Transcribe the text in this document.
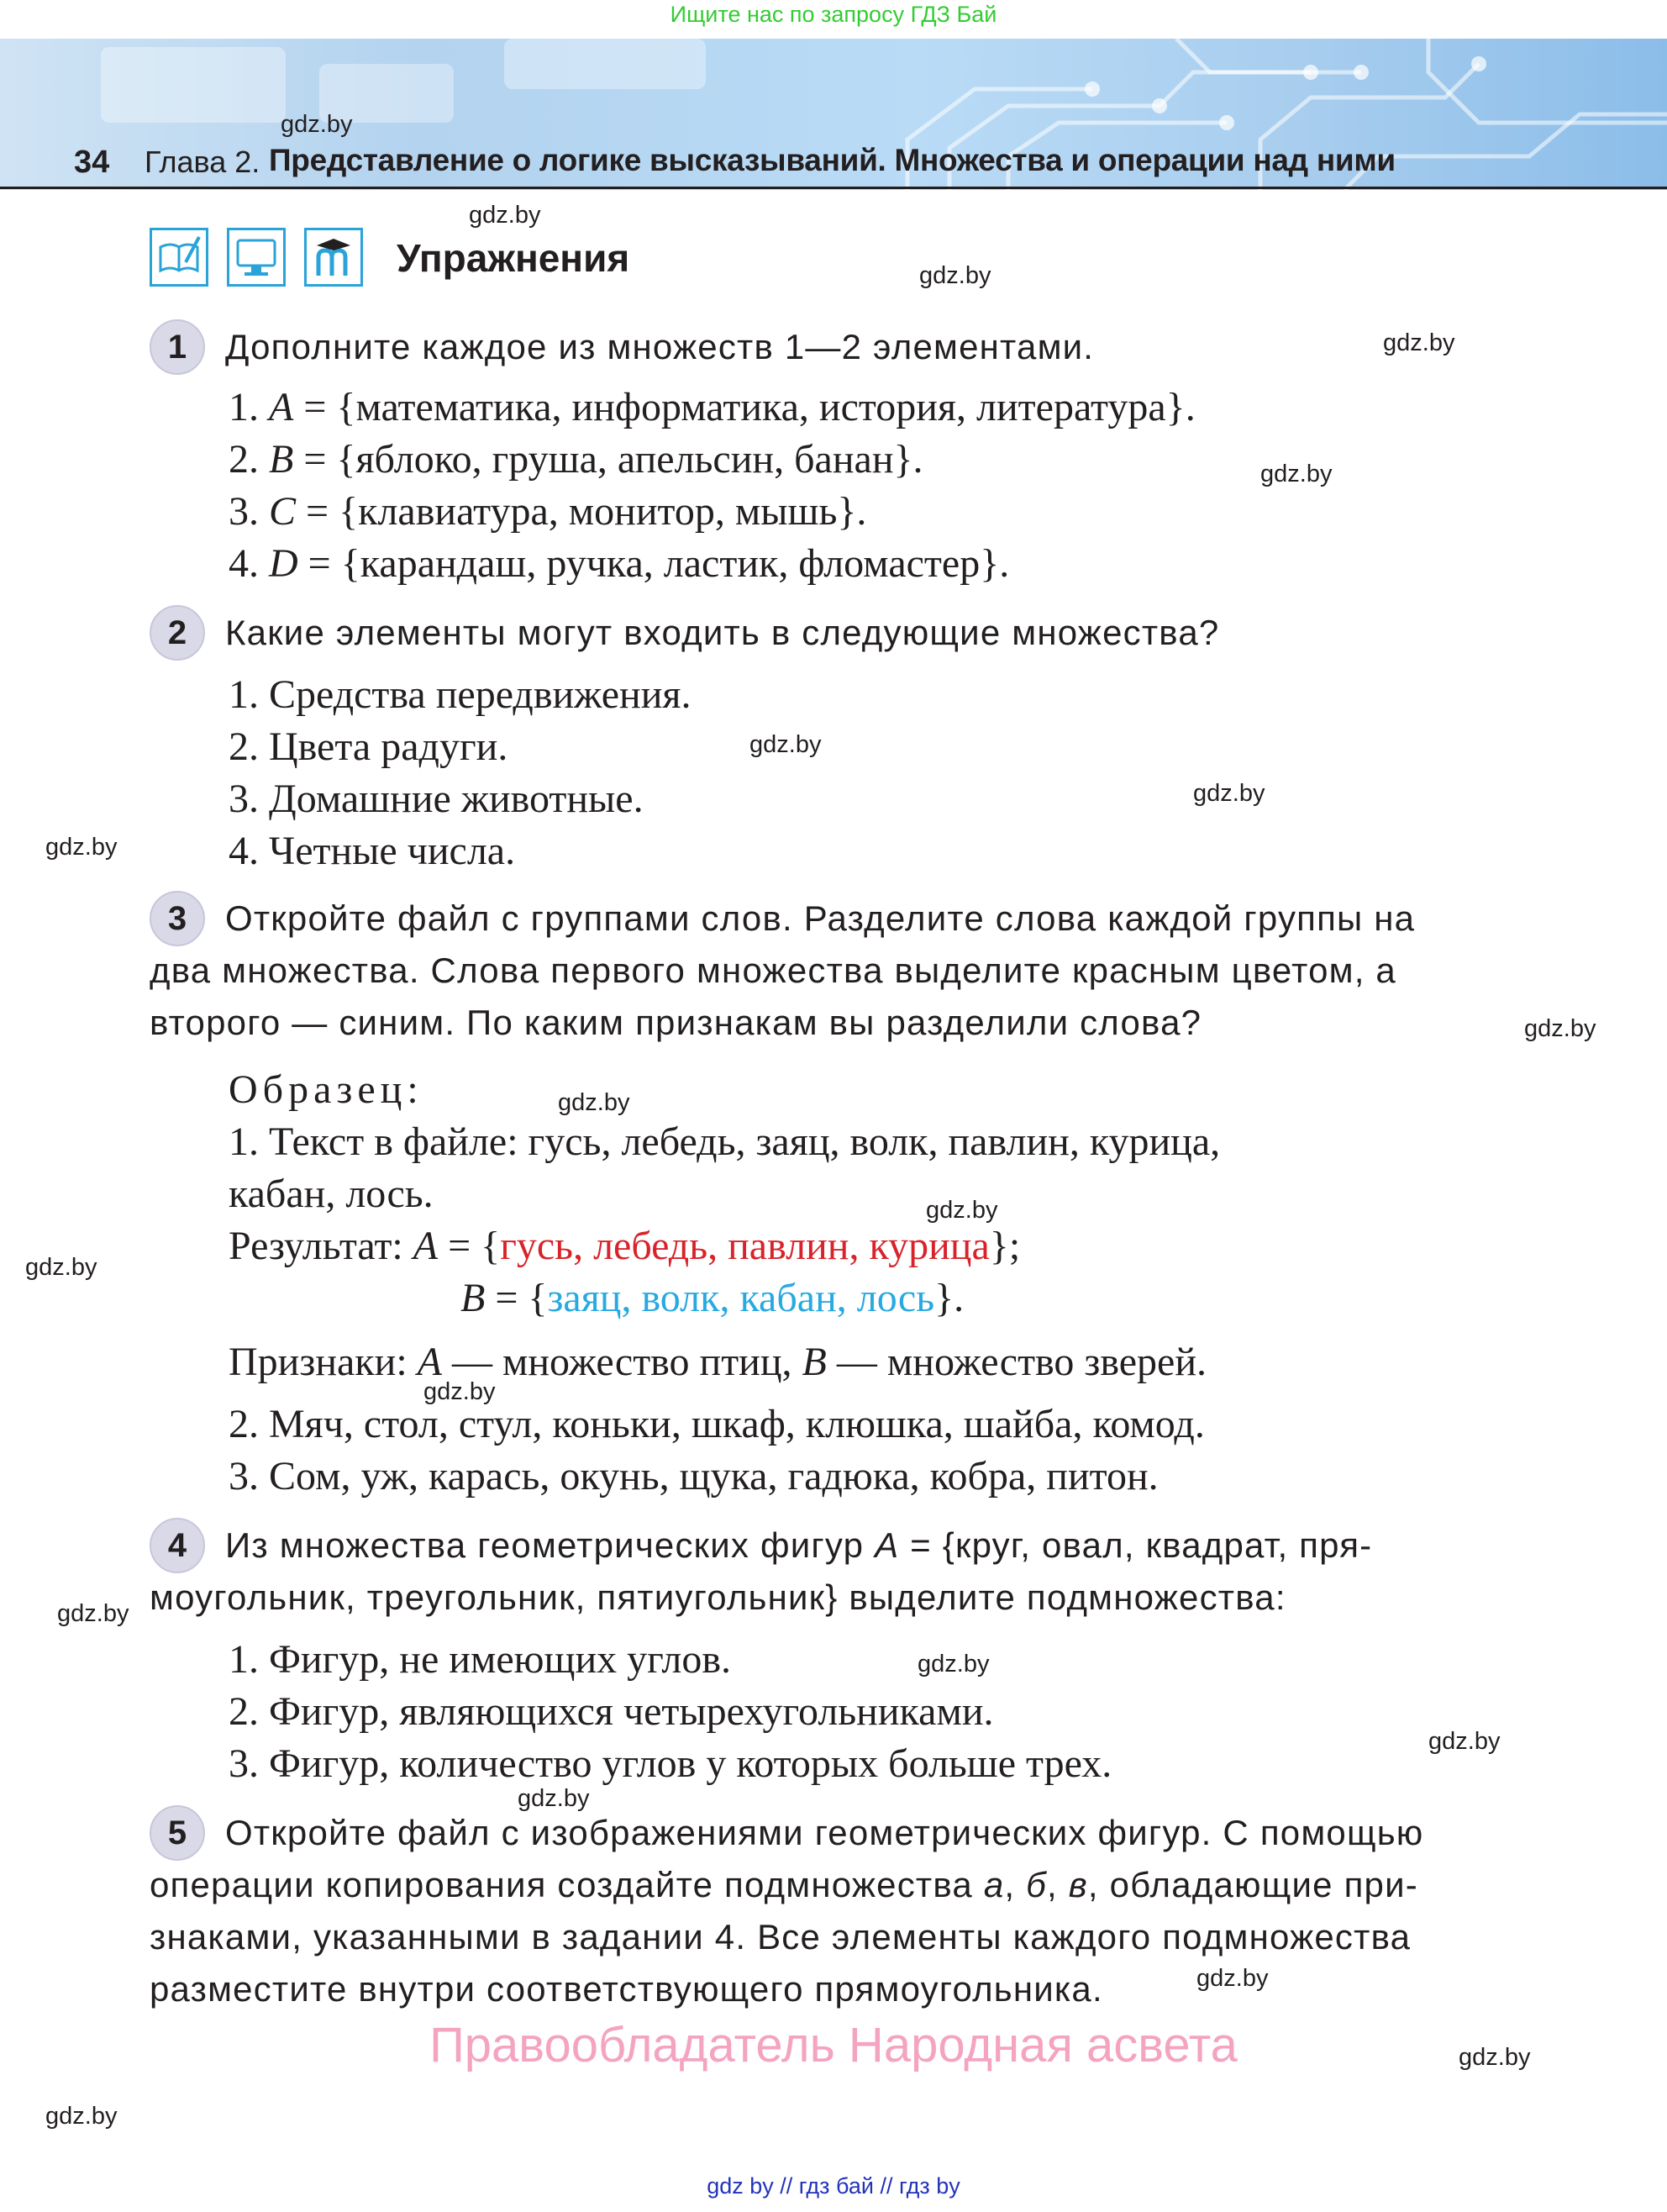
Ищите нас по запросу ГДЗ Бай
gdz.by
34 Глава 2. Представление о логике высказываний. Множества и операции над ними
Упражнения
gdz.by
gdz.by
gdz.by
gdz.by
gdz.by
gdz.by
gdz.by
gdz.by
gdz.by
gdz.by
gdz.by
gdz.by
gdz.by
gdz.by
gdz.by
gdz.by
gdz.by
gdz.by
gdz.by
1	Дополните каждое из множеств 1—2 элементами.
1. A = {математика, информатика, история, литература}.
2. B = {яблоко, груша, апельсин, банан}.
3. C = {клавиатура, монитор, мышь}.
4. D = {карандаш, ручка, ластик, фломастер}.
2	Какие элементы могут входить в следующие множества?
1. Средства передвижения.
2. Цвета радуги.
3. Домашние животные.
4. Четные числа.
3	Откройте файл с группами слов. Разделите слова каждой группы на
два множества. Слова первого множества выделите красным цветом, а
второго — синим. По каким признакам вы разделили слова?
Образец:
1. Текст в файле: гусь, лебедь, заяц, волк, павлин, курица,
кабан, лось.
Результат: A = {гусь, лебедь, павлин, курица};
B = {заяц, волк, кабан, лось}.
Признаки: A — множество птиц, B — множество зверей.
2. Мяч, стол, стул, коньки, шкаф, клюшка, шайба, комод.
3. Сом, уж, карась, окунь, щука, гадюка, кобра, питон.
4	Из множества геометрических фигур A = {круг, овал, квадрат, пря-
моугольник, треугольник, пятиугольник} выделите подмножества:
1. Фигур, не имеющих углов.
2. Фигур, являющихся четырехугольниками.
3. Фигур, количество углов у которых больше трех.
5	Откройте файл с изображениями геометрических фигур. С помощью
операции копирования создайте подмножества а, б, в, обладающие при-
знаками, указанными в задании 4. Все элементы каждого подмножества
разместите внутри соответствующего прямоугольника.
Правообладатель Народная асвета
gdz by // гдз бай // гдз by
